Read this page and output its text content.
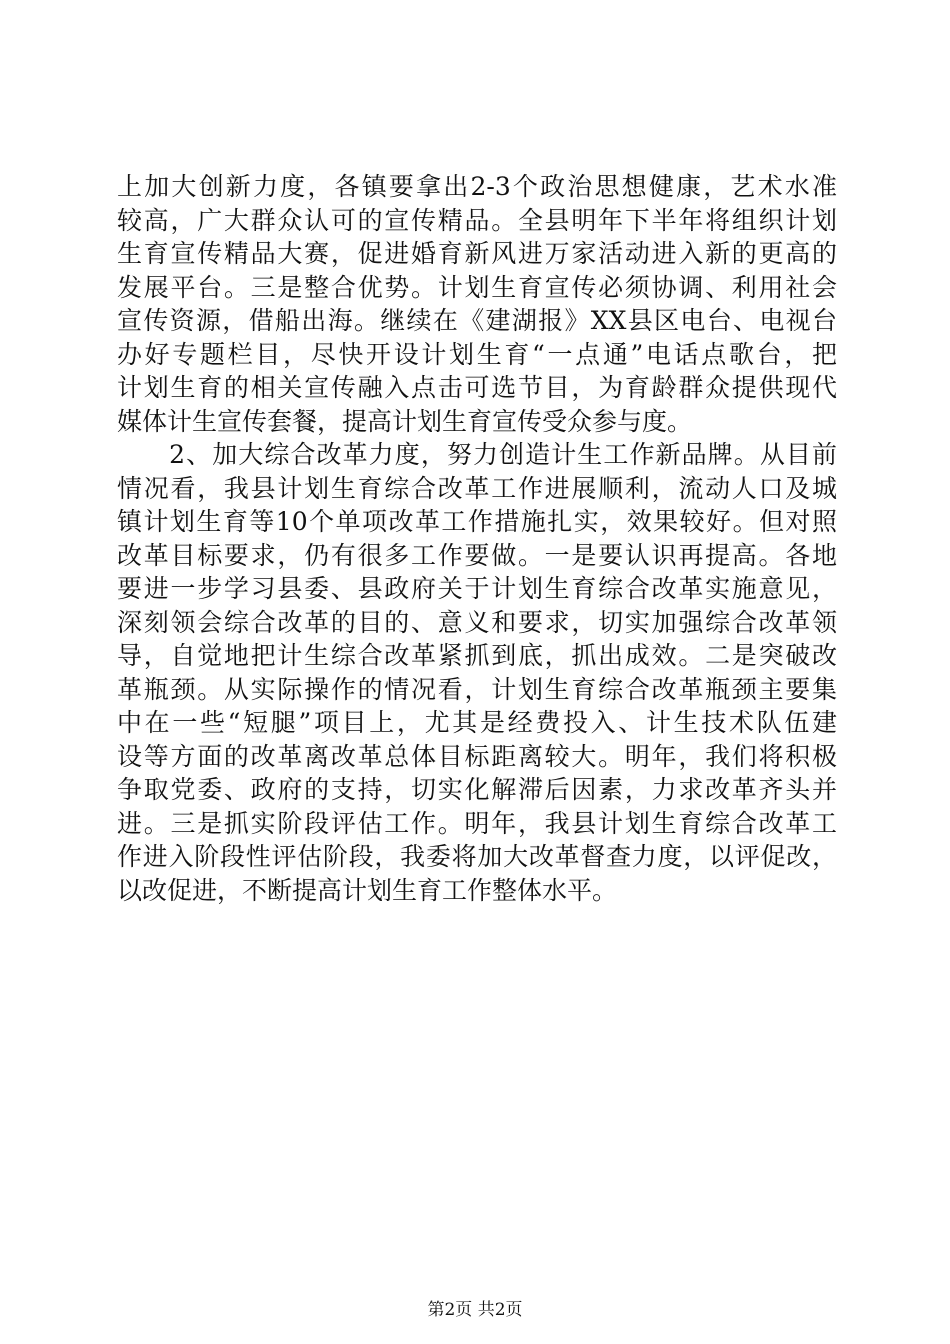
上加大创新力度，各镇要拿出2-3个政治思想健康，艺术水准
较高，广大群众认可的宣传精品。全县明年下半年将组织计划
生育宣传精品大赛，促进婚育新风进万家活动进入新的更高的
发展平台。三是整合优势。计划生育宣传必须协调、利用社会
宣传资源，借船出海。继续在《建湖报》XX县区电台、电视台
办好专题栏目，尽快开设计划生育“一点通”电话点歌台，把
计划生育的相关宣传融入点击可选节目，为育龄群众提供现代
媒体计生宣传套餐，提高计划生育宣传受众参与度。
　　2、加大综合改革力度，努力创造计生工作新品牌。从目前
情况看，我县计划生育综合改革工作进展顺利，流动人口及城
镇计划生育等10个单项改革工作措施扎实，效果较好。但对照
改革目标要求，仍有很多工作要做。一是要认识再提高。各地
要进一步学习县委、县政府关于计划生育综合改革实施意见，
深刻领会综合改革的目的、意义和要求，切实加强综合改革领
导，自觉地把计生综合改革紧抓到底，抓出成效。二是突破改
革瓶颈。从实际操作的情况看，计划生育综合改革瓶颈主要集
中在一些“短腿”项目上，尤其是经费投入、计生技术队伍建
设等方面的改革离改革总体目标距离较大。明年，我们将积极
争取党委、政府的支持，切实化解滞后因素，力求改革齐头并
进。三是抓实阶段评估工作。明年，我县计划生育综合改革工
作进入阶段性评估阶段，我委将加大改革督查力度，以评促改，
以改促进，不断提高计划生育工作整体水平。
第2页 共2页
